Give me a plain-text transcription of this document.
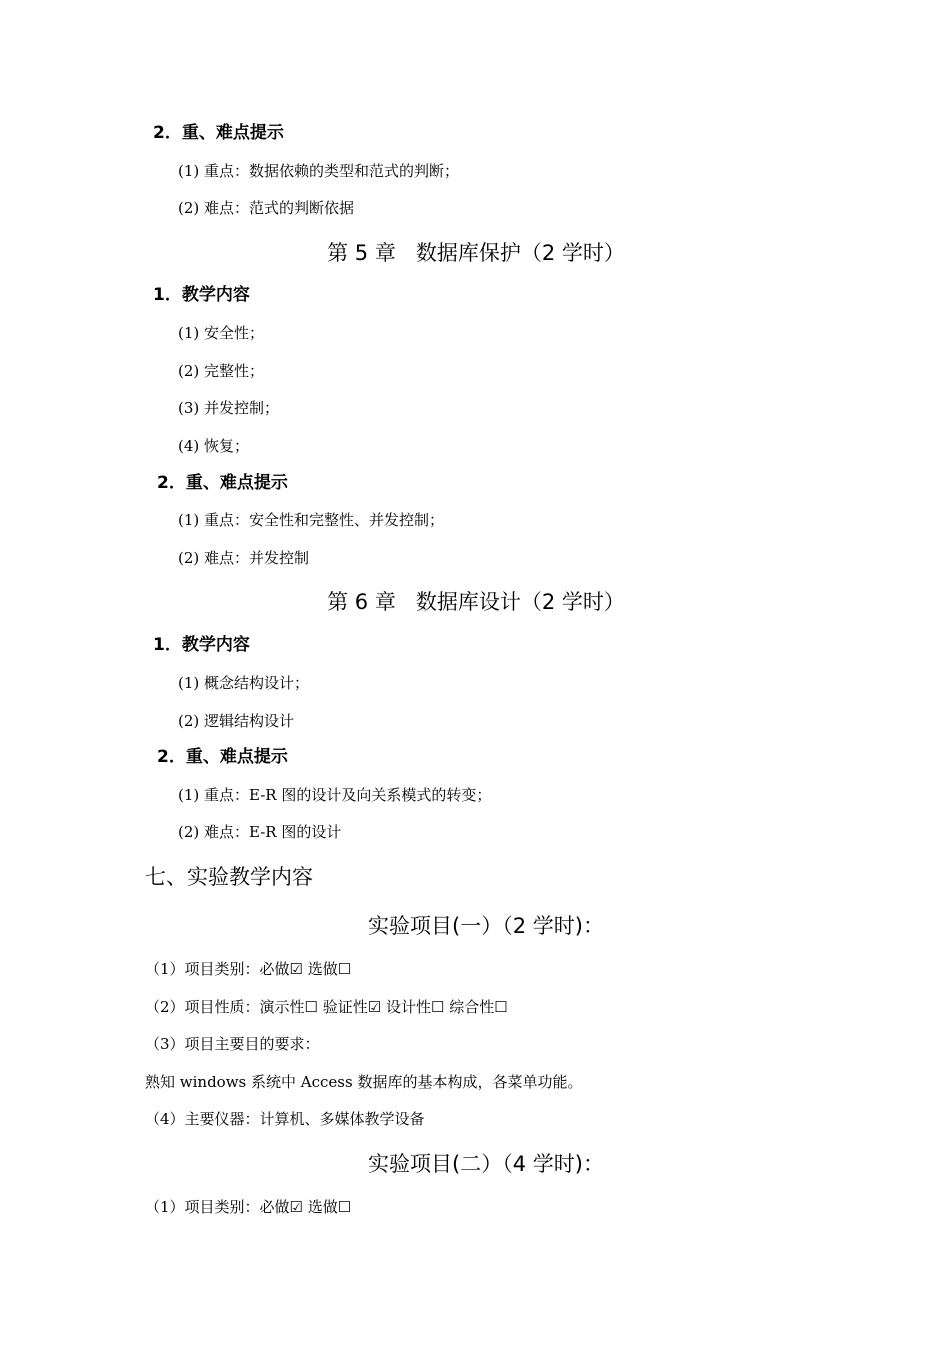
2．重、难点提示
(1) 重点：数据依赖的类型和范式的判断；
(2) 难点：范式的判断依据
第 5 章 数据库保护（2 学时）
1．教学内容
(1) 安全性；
(2) 完整性；
(3) 并发控制；
(4) 恢复；
2．重、难点提示
(1) 重点：安全性和完整性、并发控制；
(2) 难点：并发控制
第 6 章 数据库设计（2 学时）
1．教学内容
(1) 概念结构设计；
(2) 逻辑结构设计
2．重、难点提示
(1) 重点：E-R 图的设计及向关系模式的转变；
(2) 难点：E-R 图的设计
七、实验教学内容
实验项目(一）（2 学时)：
（1）项目类别：必做☑ 选做☐
（2）项目性质：演示性☐ 验证性☑ 设计性☐ 综合性☐
（3）项目主要目的要求：
熟知 windows 系统中 Access 数据库的基本构成，各菜单功能。
（4）主要仪器：计算机、多媒体教学设备
实验项目(二）（4 学时)：
（1）项目类别：必做☑ 选做☐
